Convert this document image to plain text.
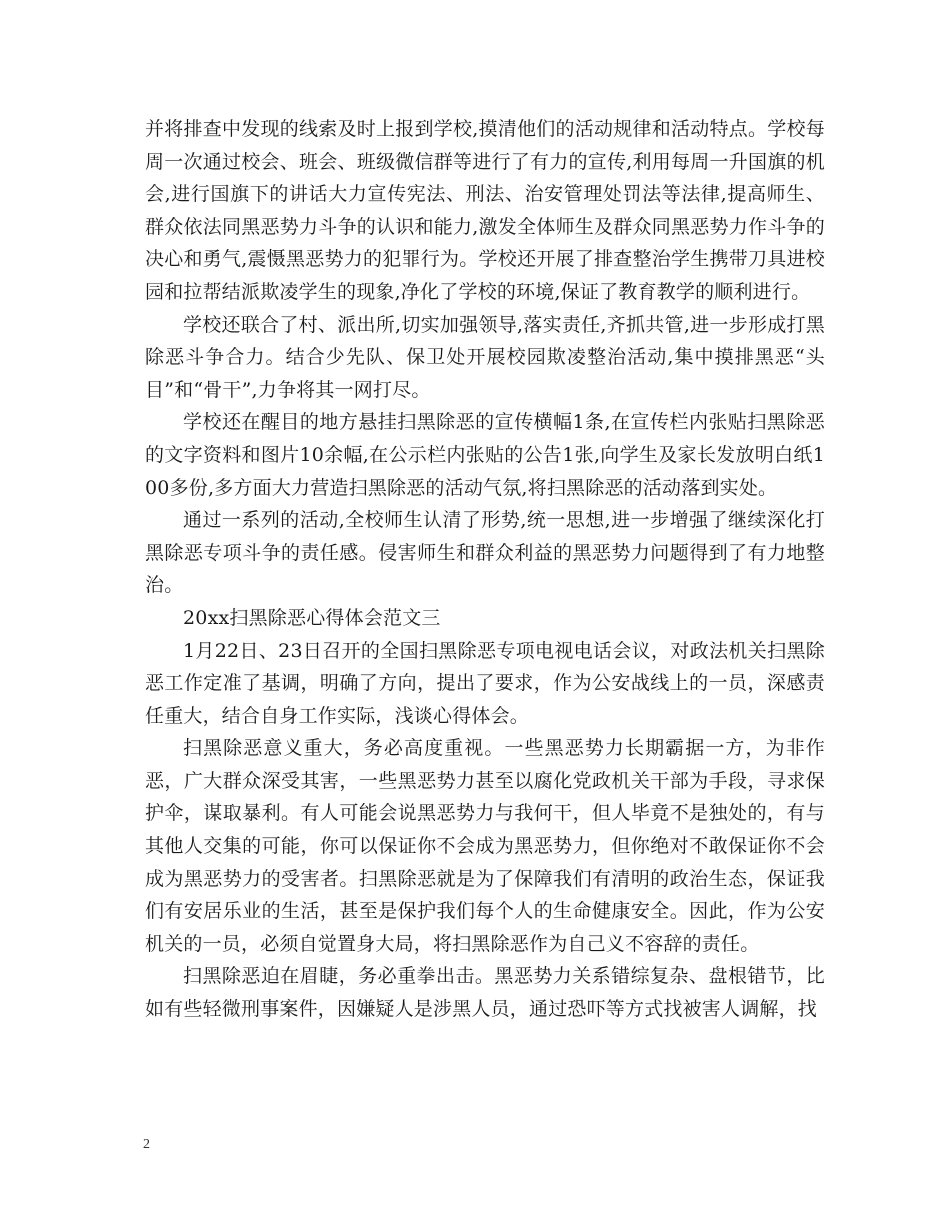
并将排查中发现的线索及时上报到学校,摸清他们的活动规律和活动特点。学校每周一次通过校会、班会、班级微信群等进行了有力的宣传,利用每周一升国旗的机会,进行国旗下的讲话大力宣传宪法、刑法、治安管理处罚法等法律,提高师生、群众依法同黑恶势力斗争的认识和能力,激发全体师生及群众同黑恶势力作斗争的决心和勇气,震慑黑恶势力的犯罪行为。学校还开展了排查整治学生携带刀具进校园和拉帮结派欺凌学生的现象,净化了学校的环境,保证了教育教学的顺利进行。

学校还联合了村、派出所,切实加强领导,落实责任,齐抓共管,进一步形成打黑除恶斗争合力。结合少先队、保卫处开展校园欺凌整治活动,集中摸排黑恶“头目”和“骨干”,力争将其一网打尽。

学校还在醒目的地方悬挂扫黑除恶的宣传横幅1条,在宣传栏内张贴扫黑除恶的文字资料和图片10余幅,在公示栏内张贴的公告1张,向学生及家长发放明白纸100多份,多方面大力营造扫黑除恶的活动气氛,将扫黑除恶的活动落到实处。

通过一系列的活动,全校师生认清了形势,统一思想,进一步增强了继续深化打黑除恶专项斗争的责任感。侵害师生和群众利益的黑恶势力问题得到了有力地整治。

20xx扫黑除恶心得体会范文三

1月22日、23日召开的全国扫黑除恶专项电视电话会议，对政法机关扫黑除恶工作定准了基调，明确了方向，提出了要求，作为公安战线上的一员，深感责任重大，结合自身工作实际，浅谈心得体会。

扫黑除恶意义重大，务必高度重视。一些黑恶势力长期霸据一方，为非作恶，广大群众深受其害，一些黑恶势力甚至以腐化党政机关干部为手段，寻求保护伞，谋取暴利。有人可能会说黑恶势力与我何干，但人毕竟不是独处的，有与其他人交集的可能，你可以保证你不会成为黑恶势力，但你绝对不敢保证你不会成为黑恶势力的受害者。扫黑除恶就是为了保障我们有清明的政治生态，保证我们有安居乐业的生活，甚至是保护我们每个人的生命健康安全。因此，作为公安机关的一员，必须自觉置身大局，将扫黑除恶作为自己义不容辞的责任。

扫黑除恶迫在眉睫，务必重拳出击。黑恶势力关系错综复杂、盘根错节，比如有些轻微刑事案件，因嫌疑人是涉黑人员，通过恐吓等方式找被害人调解，找

2
